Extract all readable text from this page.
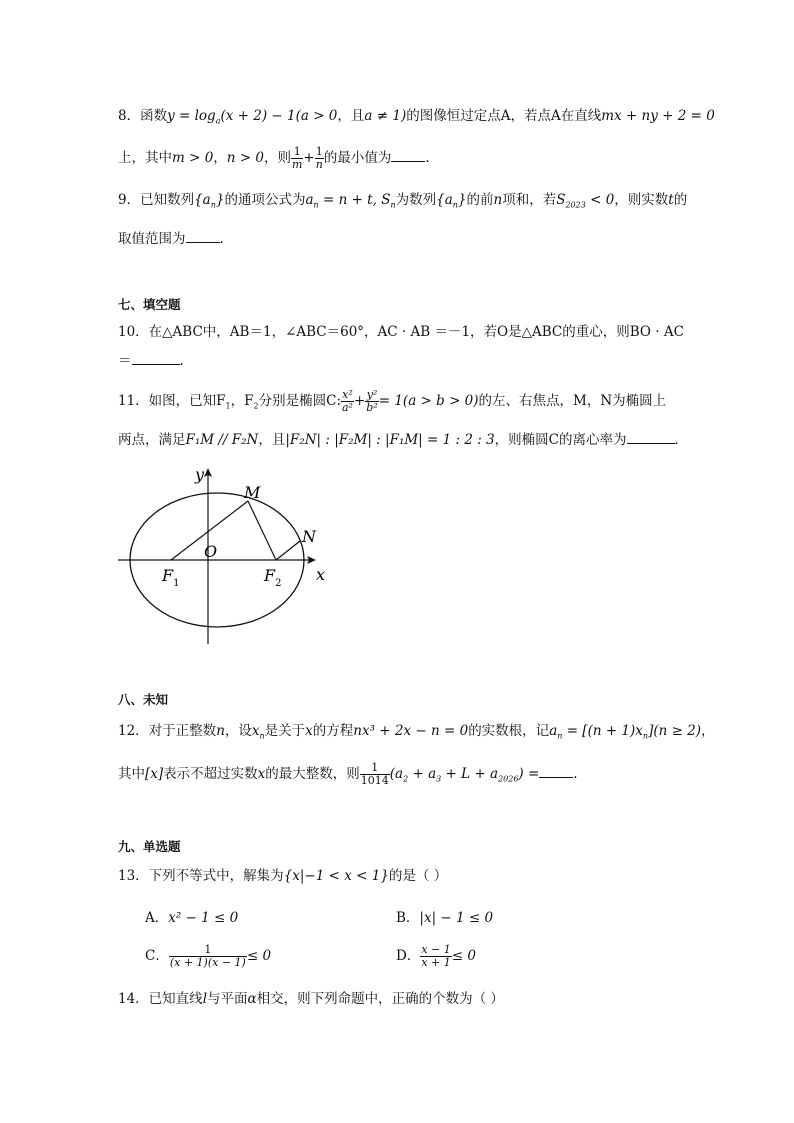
8．函数$y = \log_a(x + 2) - 1(a > 0$，且a ≠ 1)的图像恒过定点A，若点A在直线mx + ny + 2 = 0
上，其中m > 0，n > 0，则 $\frac{1}{m} + \frac{1}{n}$ 的最小值为	.
9．已知数列$\{a_n\}$的通项公式为$a_n = n + t$, $S_n$为数列$\{a_n\}$的前n项和，若$S_{2023} < 0$，则实数t的
取值范围为	.
七、填空题
10．在△ABC中，AB＝1，∠ABC＝60°，AC · AB ＝－1，若O是△ABC的重心，则BO · AC
＝	.
11．如图，已知$F_1$，$F_2$分别是椭圆C: $\frac{\text{x²}}{\text{a²}} + \frac{\text{y²}}{\text{b²}} = 1(a > b > 0)$的左、右焦点，M，N为椭圆上
两点，满足F₁M // F₂N，且|F₂N| : |F₂M| : |F₁M| = 1 : 2 : 3，则椭圆C的离心率为	．
y
x
O
M
N
$F_1$	$F_2$
八、未知
12．对于正整数n，设$x_n$是关于x的方程nx³ + 2x − n = 0的实数根，记$a_n = [(n + 1)x_n](n \ge 2)$，
其中[x]表示不超过实数x的最大整数，则 $\frac{1}{1014} (a_2 + a_3 + L + a_{2026})$ =	.
九、单选题
13．下列不等式中，解集为{x|−1 < x < 1}的是（ ）
A．x² − 1 ≤ 0	B．|x| − 1 ≤ 0
C． $\frac{1}{(x + 1)(x - 1)} \le 0$	D． $\frac{x - 1}{x + 1} \le 0$
14．已知直线l与平面α相交，则下列命题中，正确的个数为（ ）
